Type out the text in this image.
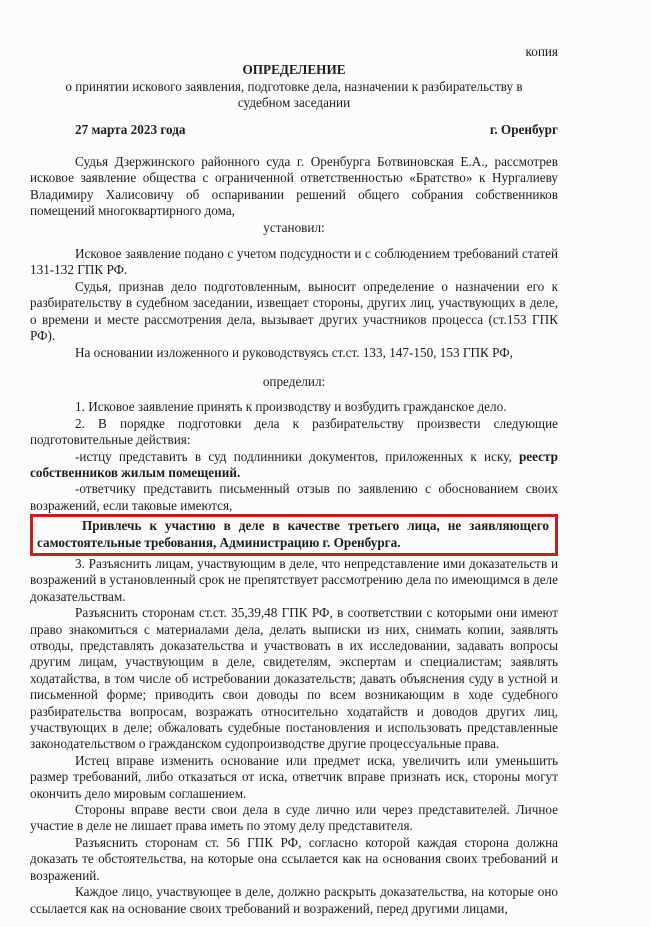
копия

ОПРЕДЕЛЕНИЕ

о принятии искового заявления, подготовке дела, назначении к разбирательству в судебном заседании

27 марта 2023 года	г. Оренбург

Судья Дзержинского районного суда г. Оренбурга Ботвиновская Е.А., рассмотрев исковое заявление общества с ограниченной ответственностью «Братство» к Нургалиеву Владимиру Халисовичу об оспаривании решений общего собрания собственников помещений многоквартирного дома,

установил:

Исковое заявление подано с учетом подсудности и с соблюдением требований статей 131-132 ГПК РФ.

Судья, признав дело подготовленным, выносит определение о назначении его к разбирательству в судебном заседании, извещает стороны, других лиц, участвующих в деле, о времени и месте рассмотрения дела, вызывает других участников процесса (ст.153 ГПК РФ).

На основании изложенного и руководствуясь ст.ст. 133, 147-150, 153 ГПК РФ,

определил:

1. Исковое заявление принять к производству и возбудить гражданское дело.

2. В порядке подготовки дела к разбирательству произвести следующие подготовительные действия:

-истцу представить в суд подлинники документов, приложенных к иску, реестр собственников жилым помещений.

-ответчику представить письменный отзыв по заявлению с обоснованием своих возражений, если таковые имеются,

Привлечь к участию в деле в качестве третьего лица, не заявляющего самостоятельные требования, Администрацию г. Оренбурга.

3. Разъяснить лицам, участвующим в деле, что непредставление ими доказательств и возражений в установленный срок не препятствует рассмотрению дела по имеющимся в деле доказательствам.

Разъяснить сторонам ст.ст. 35,39,48 ГПК РФ, в соответствии с которыми они имеют право знакомиться с материалами дела, делать выписки из них, снимать копии, заявлять отводы, представлять доказательства и участвовать в их исследовании, задавать вопросы другим лицам, участвующим в деле, свидетелям, экспертам и специалистам; заявлять ходатайства, в том числе об истребовании доказательств; давать объяснения суду в устной и письменной форме; приводить свои доводы по всем возникающим в ходе судебного разбирательства вопросам, возражать относительно ходатайств и доводов других лиц, участвующих в деле; обжаловать судебные постановления и использовать представленные законодательством о гражданском судопроизводстве другие процессуальные права.

Истец вправе изменить основание или предмет иска, увеличить или уменьшить размер требований, либо отказаться от иска, ответчик вправе признать иск, стороны могут окончить дело мировым соглашением.

Стороны вправе вести свои дела в суде лично или через представителей. Личное участие в деле не лишает права иметь по этому делу представителя.

Разъяснить сторонам ст. 56 ГПК РФ, согласно которой каждая сторона должна доказать те обстоятельства, на которые она ссылается как на основания своих требований и возражений.

Каждое лицо, участвующее в деле, должно раскрыть доказательства, на которые оно ссылается как на основание своих требований и возражений, перед другими лицами,
